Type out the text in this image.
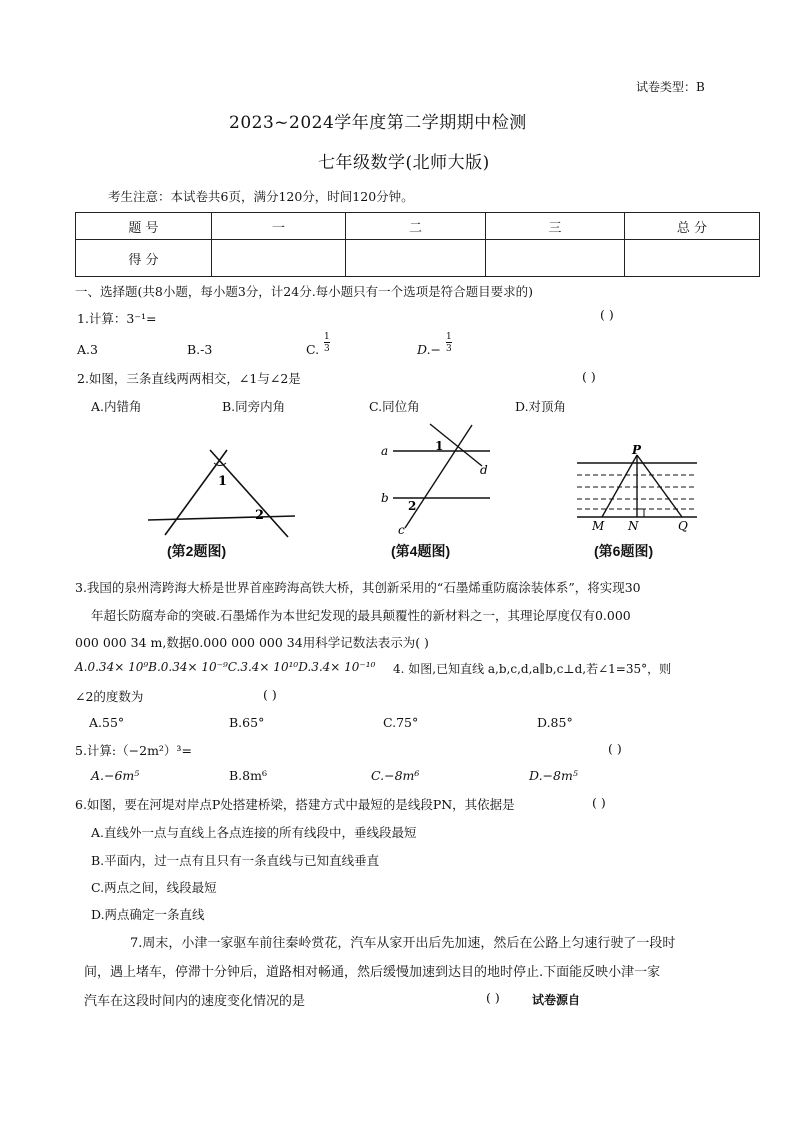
试卷类型：B
2023~2024学年度第二学期期中检测
七年级数学(北师大版)
考生注意：本试卷共6页，满分120分，时间120分钟。
题 号	一	二	三	总 分
得 分				
一、选择题(共8小题，每小题3分，计24分.每小题只有一个选项是符合题目要求的)
1.计算：3⁻¹=	( )
A.3	B.-3	C. $\frac{1}{3}$	$D.- \frac{1}{3}$
2.如图，三条直线两两相交，∠1与∠2是	( )
A.内错角	B.同旁内角	C.同位角	D.对顶角
1
2
(第2题图)
a
b
c
d
1
2
(第4题图)
P
M N	Q
(第6题图)
3.我国的泉州湾跨海大桥是世界首座跨海高铁大桥，其创新采用的“石墨烯重防腐涂装体系”，将实现30
年超长防腐寿命的突破.石墨烯作为本世纪发现的最具颠覆性的新材料之一，其理论厚度仅有0.000
000 000 34 m,数据0.000 000 000 34用科学记数法表示为( )
A.0.34× 10⁹B.0.34× 10⁻⁹C.3.4× 10¹⁰D.3.4× 10⁻¹⁰ 4. 如图,已知直线 a,b,c,d,a∥b,c⊥d,若∠1=35°，则
∠2的度数为	( )
A.55°	B.65°	C.75°	D.85°
5.计算:（−2m²）³=	( )
A.−6m⁵	B.8m⁶	C.−8m⁶	D.−8m⁵
6.如图，要在河堤对岸点P处搭建桥梁，搭建方式中最短的是线段PN，其依据是	( )
A.直线外一点与直线上各点连接的所有线段中，垂线段最短
B.平面内，过一点有且只有一条直线与已知直线垂直
C.两点之间，线段最短
D.两点确定一条直线
7.周末，小津一家驱车前往秦岭赏花，汽车从家开出后先加速，然后在公路上匀速行驶了一段时
间，遇上堵车，停滞十分钟后，道路相对畅通，然后缓慢加速到达目的地时停止.下面能反映小津一家
汽车在这段时间内的速度变化情况的是	( )	试卷源自
